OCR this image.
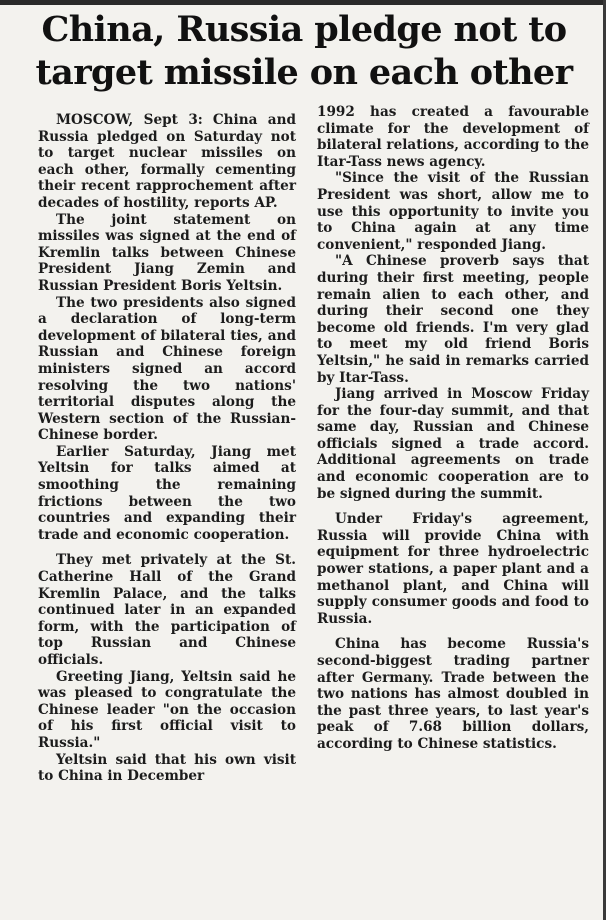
China, Russia pledge not to
target missile on each other

MOSCOW, Sept 3: China and Russia pledged on Saturday not to target nuclear missiles on each other, formally cementing their recent rapprochement after decades of hostility, reports AP.

The joint statement on missiles was signed at the end of Kremlin talks between Chinese President Jiang Zemin and Russian President Boris Yeltsin.

The two presidents also signed a declaration of long-term development of bilateral ties, and Russian and Chinese foreign ministers signed an accord resolving the two nations' territorial disputes along the Western section of the Russian-Chinese border.

Earlier Saturday, Jiang met Yeltsin for talks aimed at smoothing the remaining frictions between the two countries and expanding their trade and economic cooperation.

They met privately at the St. Catherine Hall of the Grand Kremlin Palace, and the talks continued later in an expanded form, with the participation of top Russian and Chinese officials.

Greeting Jiang, Yeltsin said he was pleased to congratulate the Chinese leader "on the occasion of his first official visit to Russia."

Yeltsin said that his own visit to China in December

1992 has created a favourable climate for the development of bilateral relations, according to the Itar-Tass news agency.

"Since the visit of the Russian President was short, allow me to use this opportunity to invite you to China again at any time convenient," responded Jiang.

"A Chinese proverb says that during their first meeting, people remain alien to each other, and during their second one they become old friends. I'm very glad to meet my old friend Boris Yeltsin," he said in remarks carried by Itar-Tass.

Jiang arrived in Moscow Friday for the four-day summit, and that same day, Russian and Chinese officials signed a trade accord. Additional agreements on trade and economic cooperation are to be signed during the summit.

Under Friday's agreement, Russia will provide China with equipment for three hydroelectric power stations, a paper plant and a methanol plant, and China will supply consumer goods and food to Russia.

China has become Russia's second-biggest trading partner after Germany. Trade between the two nations has almost doubled in the past three years, to last year's peak of 7.68 billion dollars, according to Chinese statistics.
